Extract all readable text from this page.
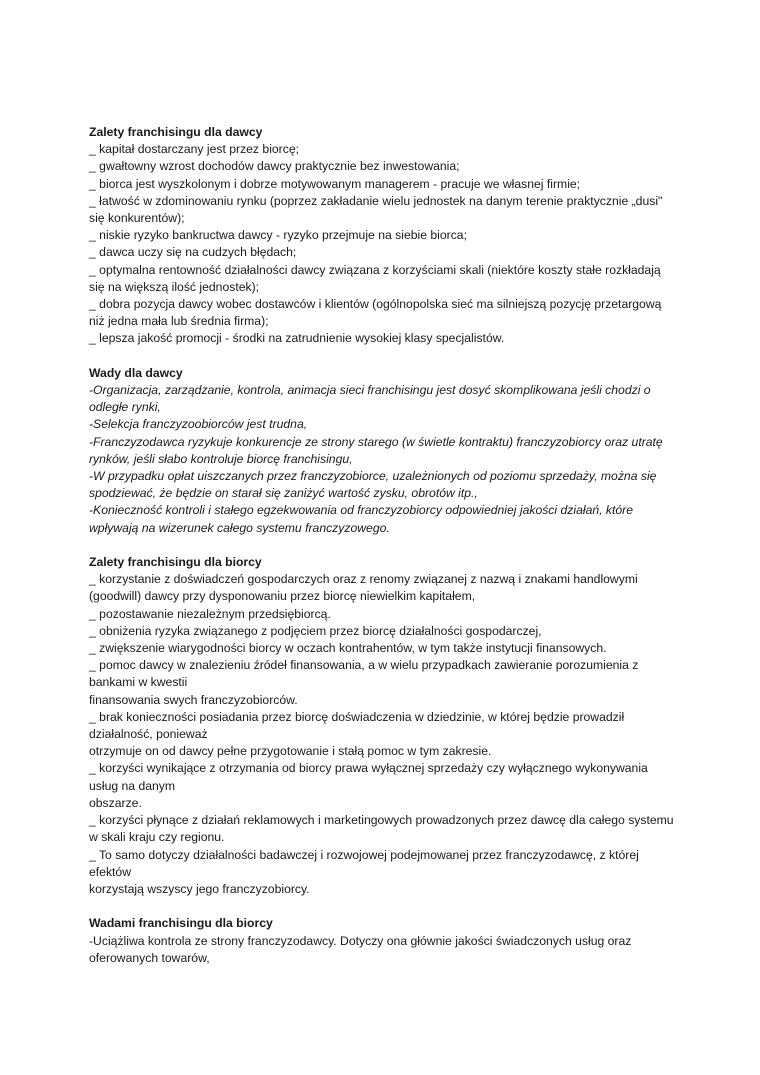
Zalety franchisingu dla dawcy

_ kapitał dostarczany jest przez biorcę;

_ gwałtowny wzrost dochodów dawcy praktycznie bez inwestowania;

_ biorca jest wyszkolonym i dobrze motywowanym managerem - pracuje we własnej firmie;

_ łatwość w zdominowaniu rynku (poprzez zakładanie wielu jednostek na danym terenie praktycznie „dusi" się konkurentów);

_ niskie ryzyko bankructwa dawcy - ryzyko przejmuje na siebie biorca;

_ dawca uczy się na cudzych błędach;

_ optymalna rentowność działalności dawcy związana z korzyściami skali (niektóre koszty stałe rozkładają się na większą ilość jednostek);

_ dobra pozycja dawcy wobec dostawców i klientów (ogólnopolska sieć ma silniejszą pozycję przetargową niż jedna mała lub średnia firma);

_ lepsza jakość promocji - środki na zatrudnienie wysokiej klasy specjalistów.

Wady dla dawcy

-Organizacja, zarządzanie, kontrola, animacja sieci franchisingu jest dosyć skomplikowana jeśli chodzi o odległe rynki,

-Selekcja franczyzoobiorców jest trudna,

-Franczyzodawca ryzykuje konkurencje ze strony starego (w świetle kontraktu) franczyzobiorcy oraz utratę rynków, jeśli słabo kontroluje biorcę franchisingu,

-W przypadku opłat uiszczanych przez franczyzobiorce, uzależnionych od poziomu sprzedaży, można się spodziewać, że będzie on starał się zaniżyć wartość zysku, obrotów itp.,

-Konieczność kontroli i stałego egzekwowania od franczyzobiorcy odpowiedniej jakości działań, które wpływają na wizerunek całego systemu franczyzowego.

Zalety franchisingu dla biorcy

_ korzystanie z doświadczeń gospodarczych oraz z renomy związanej z nazwą i znakami handlowymi (goodwill) dawcy przy dysponowaniu przez biorcę niewielkim kapitałem,

_ pozostawanie niezależnym przedsiębiorcą.

_ obniżenia ryzyka związanego z podjęciem przez biorcę działalności gospodarczej,

_ zwiększenie wiarygodności biorcy w oczach kontrahentów, w tym także instytucji finansowych.

_ pomoc dawcy w znalezieniu źródeł finansowania, a w wielu przypadkach zawieranie porozumienia z bankami w kwestii

finansowania swych franczyzobiorców.

_ brak konieczności posiadania przez biorcę doświadczenia w dziedzinie, w której będzie prowadził działalność, ponieważ

otrzymuje on od dawcy pełne przygotowanie i stałą pomoc w tym zakresie.

_ korzyści wynikające z otrzymania od biorcy prawa wyłącznej sprzedaży czy wyłącznego wykonywania usług na danym

obszarze.

_ korzyści płynące z działań reklamowych i marketingowych prowadzonych przez dawcę dla całego systemu w skali kraju czy regionu.

_ To samo dotyczy działalności badawczej i rozwojowej podejmowanej przez franczyzodawcę, z której efektów

korzystają wszyscy jego franczyzobiorcy.

Wadami franchisingu dla biorcy

-Uciążliwa kontrola ze strony franczyzodawcy. Dotyczy ona głównie jakości świadczonych usług oraz oferowanych towarów,
